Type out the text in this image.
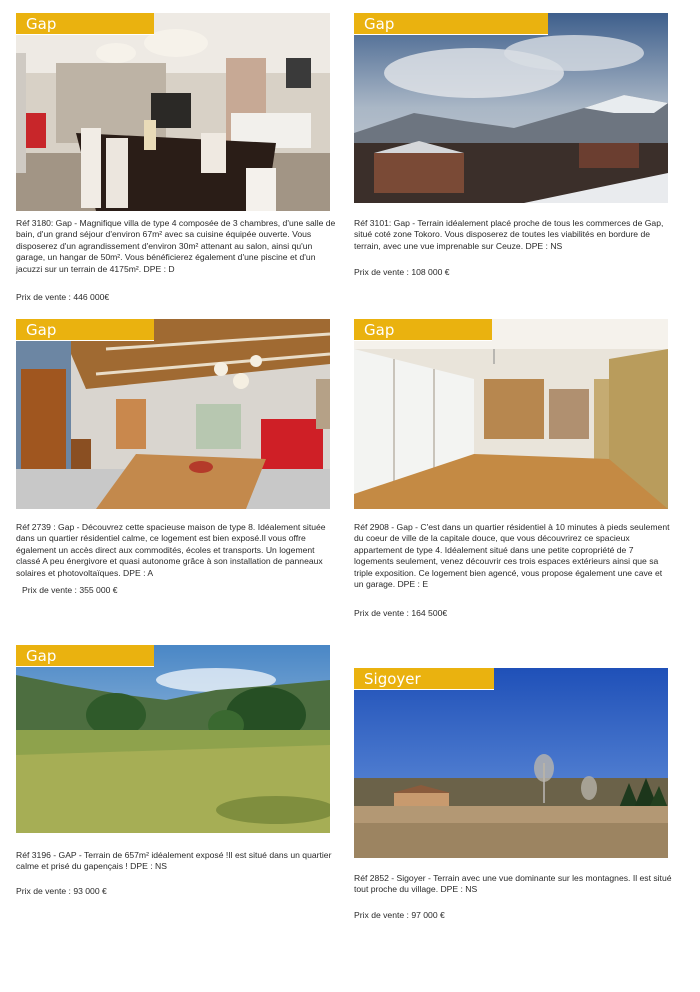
Gap
Réf 3180: Gap - Magnifique villa de type 4 composée de 3 chambres, d'une salle de bain, d'un grand séjour d'environ 67m² avec sa cuisine équipée ouverte. Vous disposerez d'un agrandissement d'environ 30m² attenant au salon, ainsi qu'un garage, un hangar de 50m². Vous bénéficierez également d'une piscine et d'un jacuzzi sur un terrain de 4175m². DPE : D
Prix de vente : 446 000€
Gap
Réf 3101: Gap - Terrain idéalement placé proche de tous les commerces de Gap, situé coté zone Tokoro. Vous disposerez de toutes les viabilités en bordure de terrain, avec une vue imprenable sur Ceuze. DPE : NS
Prix de vente : 108 000 €
Gap
Réf 2739 : Gap - Découvrez cette spacieuse maison de type 8. Idéalement située dans un quartier résidentiel calme, ce logement est bien exposé.Il vous offre également un accès direct aux commodités, écoles et transports. Un logement classé A peu énergivore et quasi autonome grâce à son installation de panneaux solaires et photovoltaïques. DPE : A
Prix de vente : 355 000 €
Gap
Réf 2908 - Gap - C'est dans un quartier résidentiel à 10 minutes à pieds seulement du coeur de ville de la capitale douce, que vous découvrirez ce spacieux appartement de type 4. Idéalement situé dans une petite copropriété de 7 logements seulement, venez découvrir ces trois espaces extérieurs ainsi que sa triple exposition. Ce logement bien agencé, vous propose également une cave et un garage. DPE : E
Prix de vente : 164 500€
Gap
Réf 3196 - GAP - Terrain de 657m² idéalement exposé !Il est situé dans un quartier calme et prisé du gapençais ! DPE : NS
Prix de vente : 93 000 €
Sigoyer
Réf 2852 - Sigoyer - Terrain avec une vue dominante sur les montagnes. Il est situé tout proche du village. DPE : NS
Prix de vente : 97 000 €
